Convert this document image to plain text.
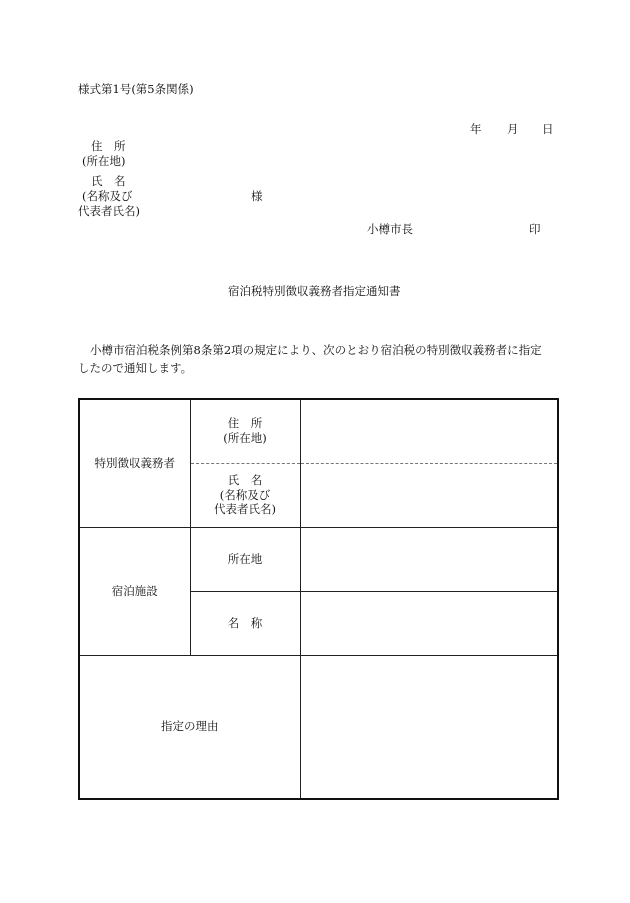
様式第1号(第5条関係)
年 月 日
住　所
(所在地)
氏　名
(名称及び
代表者氏名)
様
小樽市長	印
宿泊税特別徴収義務者指定通知書
小樽市宿泊税条例第8条第2項の規定により、次のとおり宿泊税の特別徴収義務者に指定
したので通知します。
特別徴収義務者	住　所
(所在地)	

	氏　名
(名称及び
代表者氏名)	

宿泊施設	所在地	
	名　称	
指定の理由		
